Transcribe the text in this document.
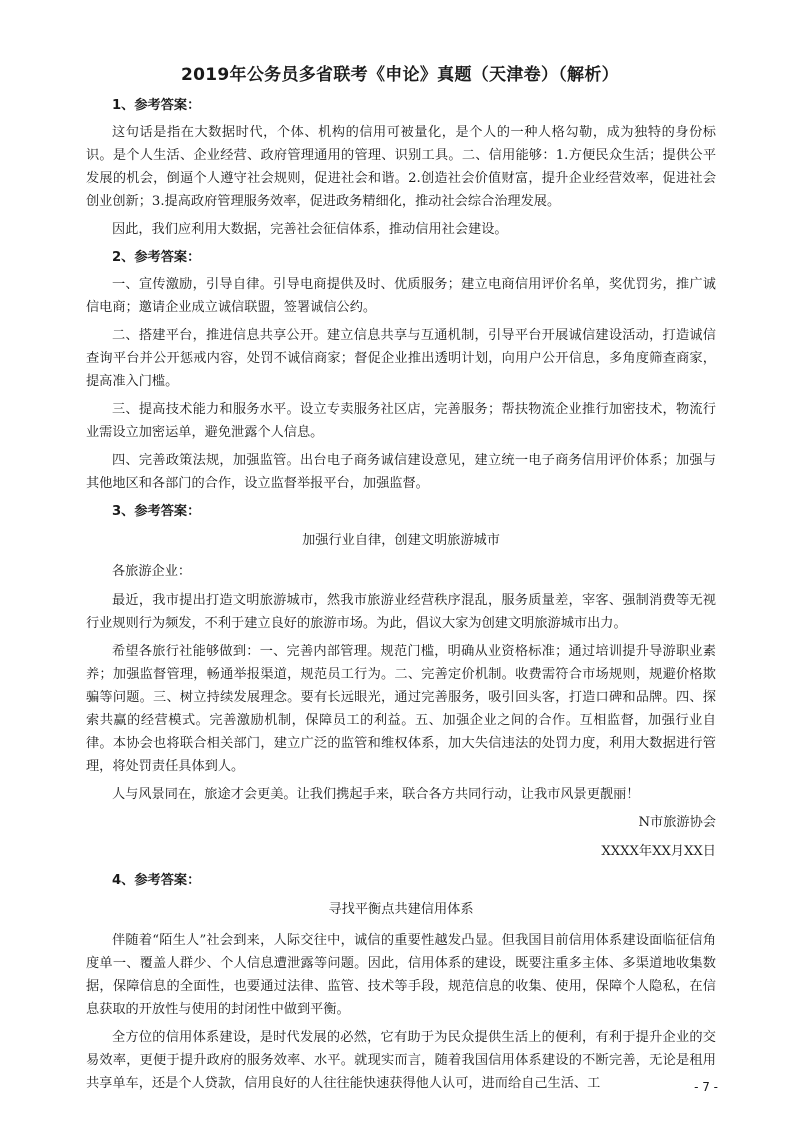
2019年公务员多省联考《申论》真题（天津卷）（解析）
1、参考答案：

这句话是指在大数据时代，个体、机构的信用可被量化，是个人的一种人格勾勒，成为独特的身份标识。是个人生活、企业经营、政府管理通用的管理、识别工具。二、信用能够：1.方便民众生活；提供公平发展的机会，倒逼个人遵守社会规则，促进社会和谐。2.创造社会价值财富，提升企业经营效率，促进社会创业创新；3.提高政府管理服务效率，促进政务精细化，推动社会综合治理发展。

因此，我们应利用大数据，完善社会征信体系，推动信用社会建设。

2、参考答案：

一、宣传激励，引导自律。引导电商提供及时、优质服务；建立电商信用评价名单，奖优罚劣，推广诚信电商；邀请企业成立诚信联盟，签署诚信公约。

二、搭建平台，推进信息共享公开。建立信息共享与互通机制，引导平台开展诚信建设活动，打造诚信查询平台并公开惩戒内容，处罚不诚信商家；督促企业推出透明计划，向用户公开信息，多角度筛查商家，提高准入门槛。

三、提高技术能力和服务水平。设立专卖服务社区店，完善服务；帮扶物流企业推行加密技术，物流行业需设立加密运单，避免泄露个人信息。

四、完善政策法规，加强监管。出台电子商务诚信建设意见，建立统一电子商务信用评价体系；加强与其他地区和各部门的合作，设立监督举报平台，加强监督。

3、参考答案：
加强行业自律，创建文明旅游城市
各旅游企业：

最近，我市提出打造文明旅游城市，然我市旅游业经营秩序混乱，服务质量差，宰客、强制消费等无视行业规则行为频发，不利于建立良好的旅游市场。为此，倡议大家为创建文明旅游城市出力。

希望各旅行社能够做到：一、完善内部管理。规范门槛，明确从业资格标准；通过培训提升导游职业素养；加强监督管理，畅通举报渠道，规范员工行为。二、完善定价机制。收费需符合市场规则，规避价格欺骗等问题。三、树立持续发展理念。要有长远眼光，通过完善服务，吸引回头客，打造口碑和品牌。四、探索共赢的经营模式。完善激励机制，保障员工的利益。五、加强企业之间的合作。互相监督，加强行业自律。本协会也将联合相关部门，建立广泛的监管和维权体系，加大失信违法的处罚力度，利用大数据进行管理，将处罚责任具体到人。

人与风景同在，旅途才会更美。让我们携起手来，联合各方共同行动，让我市风景更靓丽！

N市旅游协会
XXXX年XX月XX日
4、参考答案：
寻找平衡点共建信用体系

伴随着“陌生人”社会到来，人际交往中，诚信的重要性越发凸显。但我国目前信用体系建设面临征信角度单一、覆盖人群少、个人信息遭泄露等问题。因此，信用体系的建设，既要注重多主体、多渠道地收集数据，保障信息的全面性，也要通过法律、监管、技术等手段，规范信息的收集、使用，保障个人隐私，在信息获取的开放性与使用的封闭性中做到平衡。

全方位的信用体系建设，是时代发展的必然，它有助于为民众提供生活上的便利，有利于提升企业的交易效率，更便于提升政府的服务效率、水平。就现实而言，随着我国信用体系建设的不断完善，无论是租用共享单车，还是个人贷款，信用良好的人往往能快速获得他人认可，进而给自己生活、工	- 7 -
